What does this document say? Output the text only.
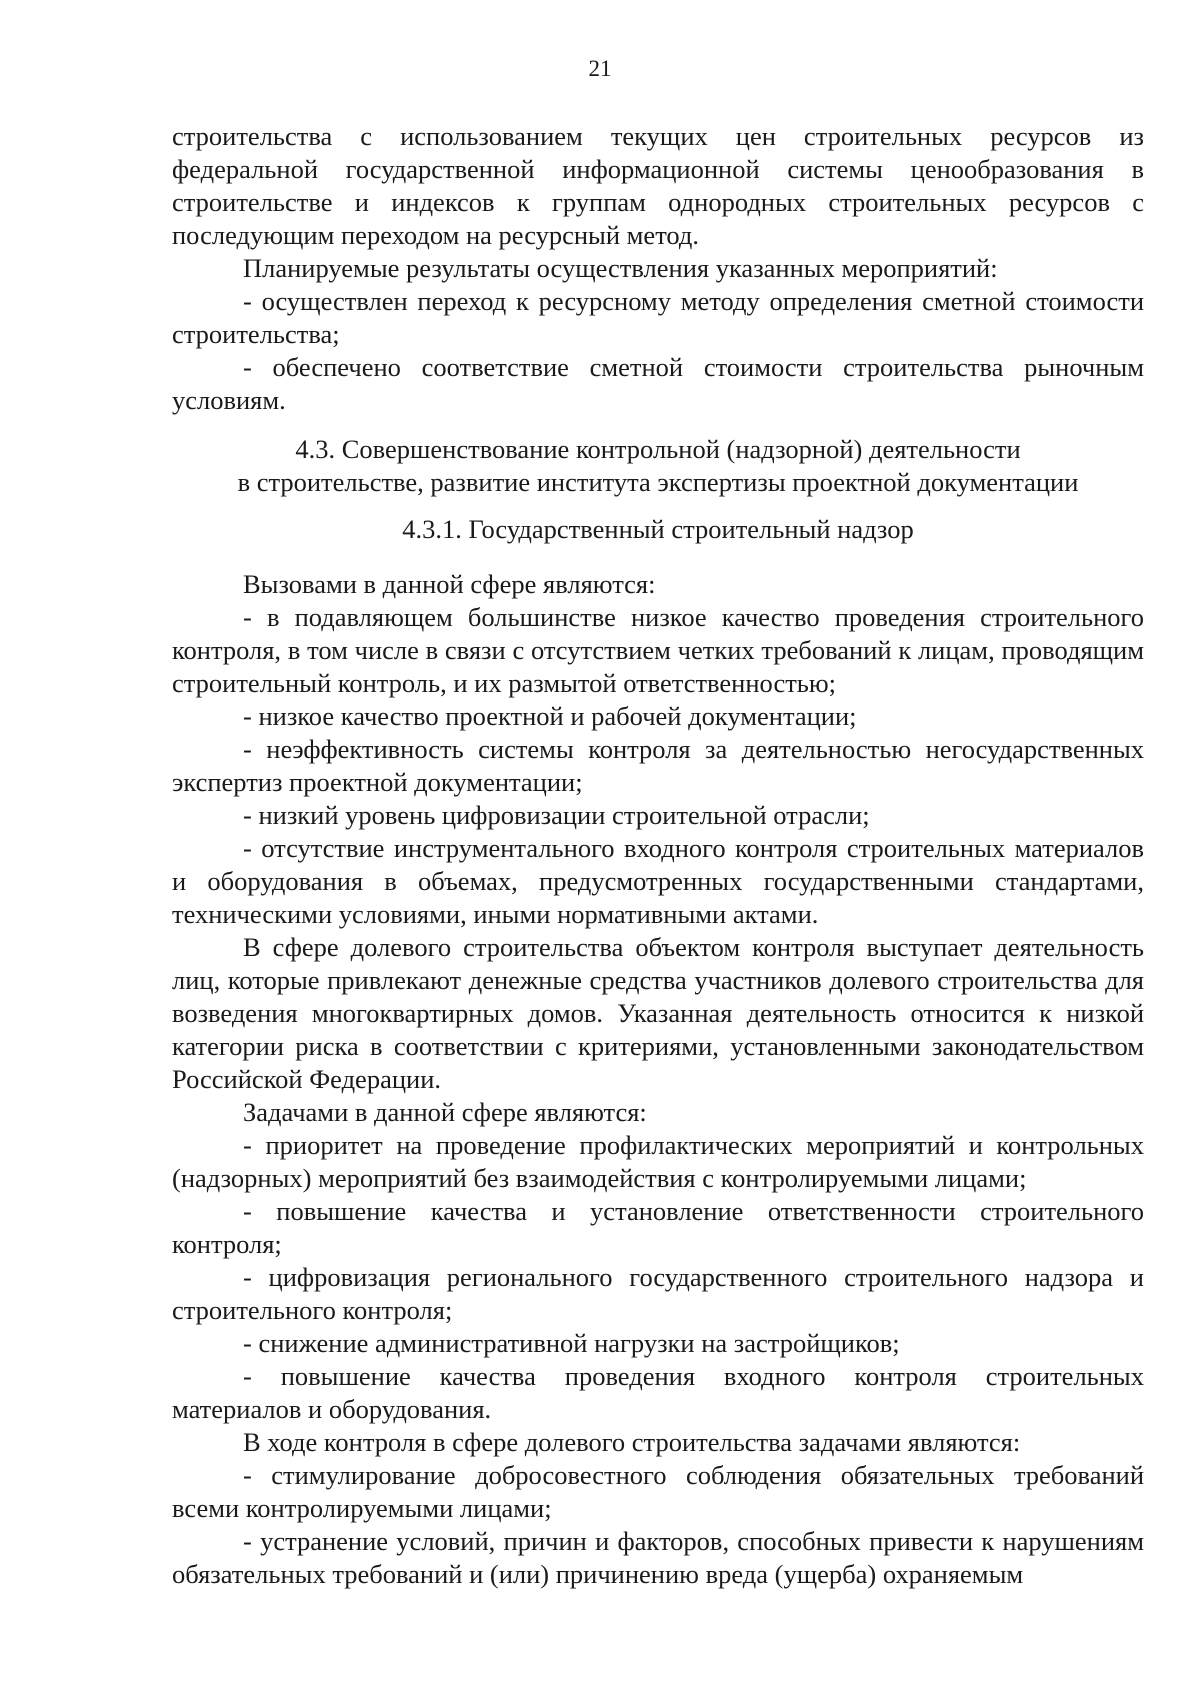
21

строительства с использованием текущих цен строительных ресурсов из федеральной государственной информационной системы ценообразования в строительстве и индексов к группам однородных строительных ресурсов с последующим переходом на ресурсный метод.

Планируемые результаты осуществления указанных мероприятий:

- осуществлен переход к ресурсному методу определения сметной стоимости строительства;

- обеспечено соответствие сметной стоимости строительства рыночным условиям.

4.3. Совершенствование контрольной (надзорной) деятельности
в строительстве, развитие института экспертизы проектной документации
4.3.1. Государственный строительный надзор

Вызовами в данной сфере являются:

- в подавляющем большинстве низкое качество проведения строительного контроля, в том числе в связи с отсутствием четких требований к лицам, проводящим строительный контроль, и их размытой ответственностью;

- низкое качество проектной и рабочей документации;

- неэффективность системы контроля за деятельностью негосударственных экспертиз проектной документации;

- низкий уровень цифровизации строительной отрасли;

- отсутствие инструментального входного контроля строительных материалов и оборудования в объемах, предусмотренных государственными стандартами, техническими условиями, иными нормативными актами.

В сфере долевого строительства объектом контроля выступает деятельность лиц, которые привлекают денежные средства участников долевого строительства для возведения многоквартирных домов. Указанная деятельность относится к низкой категории риска в соответствии с критериями, установленными законодательством Российской Федерации.

Задачами в данной сфере являются:

- приоритет на проведение профилактических мероприятий и контрольных (надзорных) мероприятий без взаимодействия с контролируемыми лицами;

- повышение качества и установление ответственности строительного контроля;

- цифровизация регионального государственного строительного надзора и строительного контроля;

- снижение административной нагрузки на застройщиков;

- повышение качества проведения входного контроля строительных материалов и оборудования.

В ходе контроля в сфере долевого строительства задачами являются:

- стимулирование добросовестного соблюдения обязательных требований всеми контролируемыми лицами;

- устранение условий, причин и факторов, способных привести к нарушениям обязательных требований и (или) причинению вреда (ущерба) охраняемым
